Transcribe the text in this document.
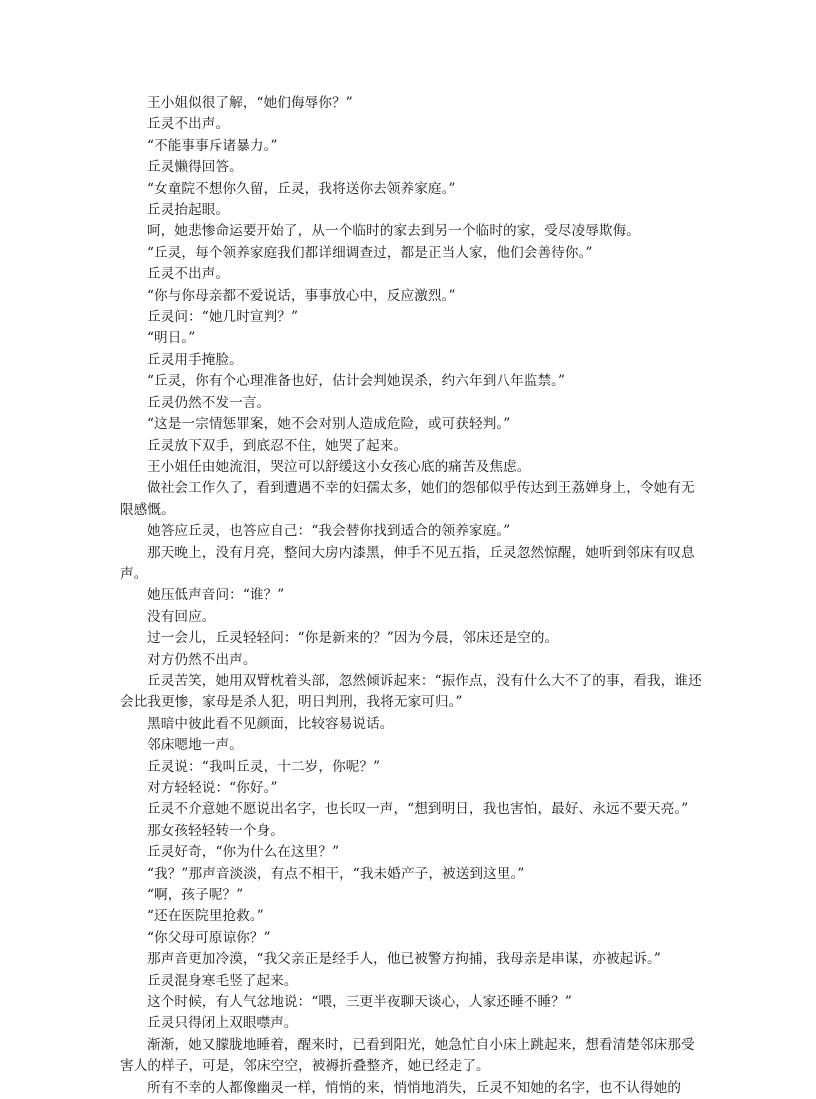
王小姐似很了解，“她们侮辱你？”

丘灵不出声。

“不能事事斥诸暴力。”

丘灵懒得回答。

“女童院不想你久留，丘灵，我将送你去领养家庭。”

丘灵抬起眼。

呵，她悲惨命运要开始了，从一个临时的家去到另一个临时的家，受尽凌辱欺侮。

“丘灵，每个领养家庭我们都详细调查过，都是正当人家，他们会善待你。”

丘灵不出声。

“你与你母亲都不爱说话，事事放心中，反应激烈。”

丘灵问：“她几时宣判？”

“明日。”

丘灵用手掩脸。

“丘灵，你有个心理准备也好，估计会判她误杀，约六年到八年监禁。”

丘灵仍然不发一言。

“这是一宗情惩罪案，她不会对别人造成危险，或可获轻判。”

丘灵放下双手，到底忍不住，她哭了起来。

王小姐任由她流泪，哭泣可以舒缓这小女孩心底的痛苦及焦虑。

做社会工作久了，看到遭遇不幸的妇孺太多，她们的怨郁似乎传达到王荔婵身上，令她有无限感慨。

她答应丘灵，也答应自己：“我会替你找到适合的领养家庭。”

那天晚上，没有月亮，整间大房内漆黑，伸手不见五指，丘灵忽然惊醒，她听到邻床有叹息声。

她压低声音问：“谁？”

没有回应。

过一会儿，丘灵轻轻问：“你是新来的？”因为今晨，邻床还是空的。

对方仍然不出声。

丘灵苦笑，她用双臂枕着头部，忽然倾诉起来：“振作点，没有什么大不了的事，看我，谁还会比我更惨，家母是杀人犯，明日判刑，我将无家可归。”

黑暗中彼此看不见颜面，比较容易说话。

邻床嗯地一声。

丘灵说：“我叫丘灵，十二岁，你呢？”

对方轻轻说：“你好。”

丘灵不介意她不愿说出名字，也长叹一声，“想到明日，我也害怕，最好、永远不要天亮。”

那女孩轻轻转一个身。

丘灵好奇，“你为什么在这里？”

“我？”那声音淡淡，有点不相干，“我未婚产子，被送到这里。”

“啊，孩子呢？”

“还在医院里抢救。”

“你父母可原谅你？”

那声音更加冷漠，“我父亲正是经手人，他已被警方拘捕，我母亲是串谋，亦被起诉。”

丘灵混身寒毛竖了起来。

这个时候，有人气忿地说：“喂，三更半夜聊天谈心，人家还睡不睡？”

丘灵只得闭上双眼噤声。

渐渐，她又朦胧地睡着，醒来时，已看到阳光，她急忙自小床上跳起来，想看清楚邻床那受害人的样子，可是，邻床空空，被褥折叠整齐，她已经走了。

所有不幸的人都像幽灵一样，悄悄的来，悄悄地消失，丘灵不知她的名字，也不认得她的
